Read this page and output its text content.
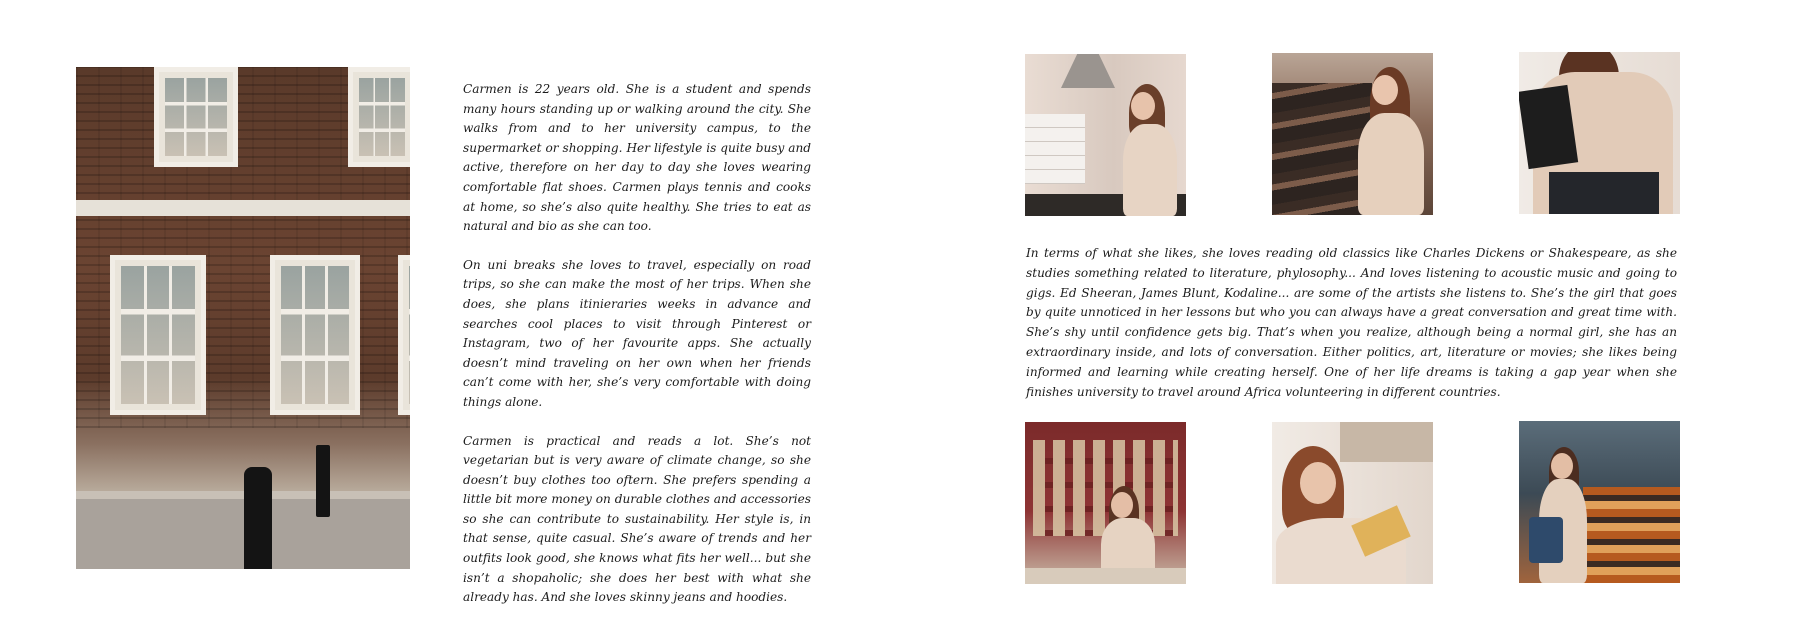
Carmen is 22 years old. She is a student and spends many hours standing up or walking around the city. She walks from and to her university campus, to the supermarket or shopping. Her lifestyle is quite busy and active, therefore on her day to day she loves wearing comfortable flat shoes. Carmen plays tennis and cooks at home, so she’s also quite healthy. She tries to eat as natural and bio as she can too.

On uni breaks she loves to travel, especially on road trips, so she can make the most of her trips. When she does, she plans itinieraries weeks in advance and searches cool places to visit through Pinterest or Instagram, two of her favourite apps. She actually doesn’t mind traveling on her own when her friends can’t come with her, she’s very comfortable with doing things alone.

Carmen is practical and reads a lot. She’s not vegetarian but is very aware of climate change, so she doesn’t buy clothes too oftern. She prefers spending a little bit more money on durable clothes and accessories so she can contribute to sustainability. Her style is, in that sense, quite casual. She’s aware of trends and her outfits look good, she knows what fits her well... but she isn’t a shopaholic; she does her best with what she already has. And she loves skinny jeans and hoodies.

In terms of what she likes, she loves reading old classics like Charles Dickens or Shakespeare, as she studies something related to literature, phylosophy... And loves listening to acoustic music and going to gigs. Ed Sheeran, James Blunt, Kodaline... are some of the artists she listens to. She’s the girl that goes by quite unnoticed in her lessons but who you can always have a great conversation and great time with. She’s shy until confidence gets big. That’s when you realize, although being a normal girl, she has an extraordinary inside, and lots of conversation. Either politics, art, literature or movies; she likes being informed and learning while creating herself. One of her life dreams is taking a gap year when she finishes university to travel around Africa volunteering in different countries.
